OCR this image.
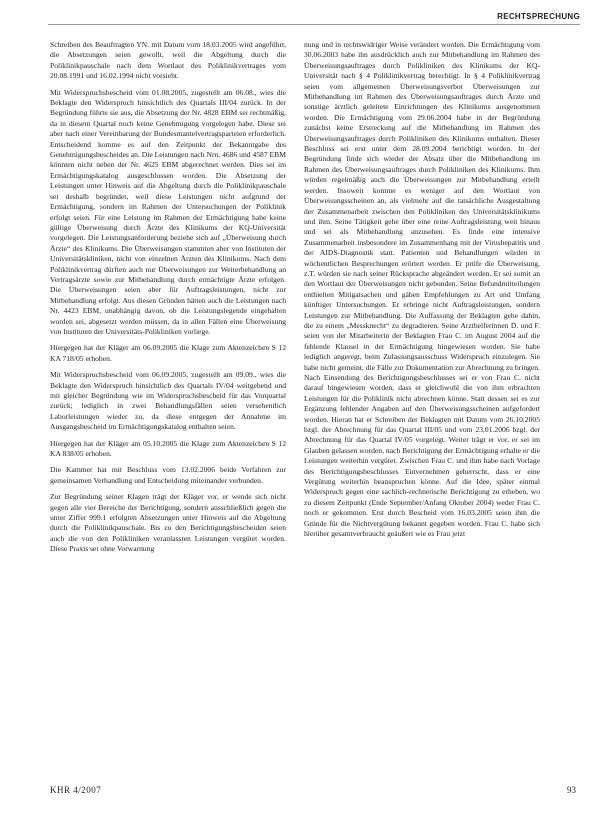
RECHTSPRECHUNG

Schreiben des Beauftragten YN. mit Datum vom 18.03.2005 wird angeführt, die Absetzungen seien gewollt, weil die Abgeltung durch die Poliklinikpauschale nach dem Wortlaut des Poliklinikvertrages vom 20.08.1991 und 16.02.1994 nicht vorsieht.

Mit Widerspruchsbescheid vom 01.08.2005, zugestellt am 06.08., wies die Beklagte den Widerspruch hinsichtlich des Quartals III/04 zurück. In der Begründung führte sie aus, die Absetzung der Nr. 4828 EBM sei rechtmäßig, da in diesem Quartal noch keine Genehmigung vorgelegen habe. Diese sei aber nach einer Vereinbarung der Bundesmantelvertragsparteien erforderlich. Entscheidend komme es auf den Zeitpunkt der Bekanntgabe des Genehmigungsbescheides an. Die Leistungen nach Nrn. 4686 und 4587 EBM könnten nicht neben der Nr. 4625 EBM abgerechnet werden. Dies sei im Ermächtigungskatalog ausgeschlossen worden. Die Absetzung der Leistungen unter Hinweis auf die Abgeltung durch die Poliklinikpauschale sei deshalb begründet, weil diese Leistungen nicht aufgrund der Ermächtigung, sondern im Rahmen der Untersuchungen der Poliklinik erfolgt seien. Für eine Leistung im Rahmen der Ermächtigung habe keine gültige Überweisung durch Ärzte des Klinikums der KQ-Universität vorgelegen. Die Leistungsanforderung beziehe sich auf „Überweisung durch Ärzte“ des Klinikums. Die Überweisungen stammten aber von Instituten der Universitätskliniken, nicht von einzelnen Ärzten des Klinikums. Nach dem Poliklinikvertrag dürften auch nur Überweisungen zur Weiterbehandlung an Vertragsärzte sowie zur Mitbehandlung durch ermächtigte Ärzte erfolgen. Die Überweisungen seien aber für Auftragsleistungen, nicht zur Mitbehandlung erfolgt. Aus diesen Gründen hätten auch die Leistungen nach Nr. 4423 EBM, unabhängig davon, ob die Leistungslegende eingehalten worden sei, abgesetzt werden müssen, da in allen Fällen eine Überweisung von Instituten der Universitäts-Polikliniken vorliege.

Hiergegen hat der Kläger am 06.09.2005 die Klage zum Aktenzeichen S 12 KA 718/05 erhoben.

Mit Widerspruchsbescheid vom 06.09.2005, zugestellt am 09.09., wies die Beklagte den Widerspruch hinsichtlich des Quartals IV/04 weitgehend und mit gleicher Begründung wie im Widerspruchsbescheid für das Vorquartal zurück; lediglich in zwei Behandlungsfällen seien versehentlich Laborleistungen wieder zu, da diese entgegen der Annahme im Ausgangsbescheid im Ermächtigungskatalog enthalten seien.

Hiergegen hat der Kläger am 05.10.2005 die Klage zum Aktenzeichen S 12 KA 838/05 erhoben.

Die Kammer hat mit Beschluss vom 13.02.2006 beide Verfahren zur gemeinsamen Verhandlung und Entscheidung miteinander verbunden.

Zur Begründung seiner Klagen trägt der Kläger vor, er wende sich nicht gegen alle vier Bereiche der Berichtigung, sondern ausschließlich gegen die unter Ziffer 999.1 erfolgten Absetzungen unter Hinweis auf die Abgeltung durch die Poliklinikpauschale. Bis zu den Berichtigungsbescheiden seien auch die von den Polikliniken veranlassten Leistungen vergütet worden. Diese Praxis sei ohne Vorwarnung

nung und in rechtswidriger Weise verändert worden. Die Ermächtigung vom 30.06.2003 habe ihn ausdrücklich auch zur Mitbehandlung im Rahmen des Überweisungsauftrages durch Polikliniken des Klinikums der KQ-Universität nach § 4 Poliklinikvertrag berechtigt. In § 4 Poliklinikvertrag seien vom allgemeinen Überweisungsverbot Überweisungen zur Mitbehandlung im Rahmen des Überweisungsauftrages durch Ärzte und sonstige ärztlich geleitete Einrichtungen des Klinikums ausgenommen worden. Die Ermächtigung vom 29.06.2004 habe in der Begründung zunächst keine Erstreckung auf die Mitbehandlung im Rahmen des Überweisungsauftrages durch Polikliniken des Klinikums enthalten. Dieser Beschluss sei erst unter dem 28.09.2004 berichtigt worden. In der Begründung finde sich wieder der Absatz über die Mitbehandlung im Rahmen des Überweisungsauftrages durch Polikliniken des Klinikums. Ihm würden regelmäßig auch die Überweisungen zur Mitbehandlung erteilt werden. Insoweit komme es weniger auf den Wortlaut von Überweisungsscheinen an, als vielmehr auf die tatsächliche Ausgestaltung der Zusammenarbeit zwischen den Polikliniken des Universitätsklinikums und ihm. Seine Tätigkeit gehe über eine reine Auftragsleistung weit hinaus und sei als Mitbehandlung anzusehen. Es finde eine intensive Zusammenarbeit insbesondere im Zusammenhang mit der Virushepatitis und der AIDS-Diagnostik statt. Patienten und Behandlungen würden in wöchentlichen Besprechungen erörtert werden. Er prüfe die Überweisung, z.T. würden sie nach seiner Rücksprache abgeändert werden. Er sei somit an den Wortlaut der Überweisungen nicht gebunden. Seine Befundmitteilungen enthielten Mitigatsachen und gäben Empfehlungen zu Art und Umfang künftiger Untersuchungen. Er erbringe nicht Auftragsleistungen, sondern Leistungen zur Mitbehandlung. Die Auffassung der Beklagten gehe dahin, die zu einem „Messknecht“ zu degradieren. Seine Arzthelferinnen D. und F. seien von der Mitarbeiterin der Beklagten Frau C. im August 2004 auf die fehlende Klausel in der Ermächtigung hingewiesen worden. Sie habe lediglich angeregt, beim Zulassungsausschuss Widerspruch einzulegen. Sie habe nicht gemeint, die Fälle zur Dokumentation zur Abrechnung zu bringen. Nach Einsendung des Berichtigungsbeschlusses sei er von Frau C. nicht darauf hingewiesen worden, dass er gleichwohl die von ihm erbrachten Leistungen für die Poliklinik nicht abrechnen könne. Statt dessen sei es zur Ergänzung fehlender Angaben auf den Überweisungsscheinen aufgefordert worden. Hieran hat er Schreiben der Beklagten mit Datum vom 26.10.2005 bzgl. der Abrechnung für das Quartal III/05 und vom 23.01.2006 bzgl. der Abrechnung für das Quartal IV/05 vorgelegt. Weiter trägt er vor, er sei im Glauben gelassen worden, nach Berichtigung der Ermächtigung erhalte er die Leistungen weiterhin vergütet. Zwischen Frau C. und ihm habe nach Vorlage des Berichtigungsbeschlusses Einvernehmen geherrscht, dass er eine Vergütung weiterhin beanspruchen könne. Auf die Idee, später einmal Widerspruch gegen eine sachlich-rechnerische Berichtigung zu erheben, wo zu diesem Zeitpunkt (Ende September/Anfang Oktober 2004) weder Frau C. noch er gekommen. Erst durch Bescheid vom 16.03.2005 seien ihm die Gründe für die Nichtvergütung bekannt gegeben worden. Frau C. habe sich hierüber gesamtverbraucht geäußert wie es Frau jetzt

KHR 4/2007	93
